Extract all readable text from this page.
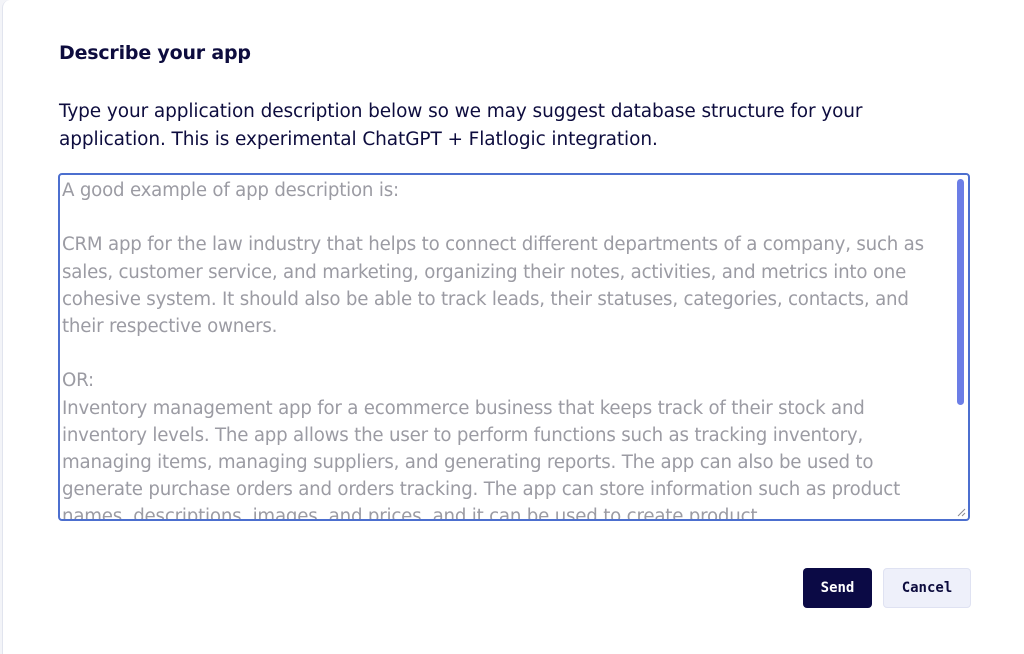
Describe your app

Type your application description below so we may suggest database structure for your application. This is experimental ChatGPT + Flatlogic integration.

A good example of app description is: CRM app for the law industry that helps to connect different departments of a company, such as sales, customer service, and marketing, organizing their notes, activities, and metrics into one cohesive system. It should also be able to track leads, their statuses, categories, contacts, and their respective owners. OR: Inventory management app for a ecommerce business that keeps track of their stock and inventory levels. The app allows the user to perform functions such as tracking inventory, managing items, managing suppliers, and generating reports. The app can also be used to generate purchase orders and orders tracking. The app can store information such as product names, descriptions, images, and prices, and it can be used to create product
Send	Cancel
